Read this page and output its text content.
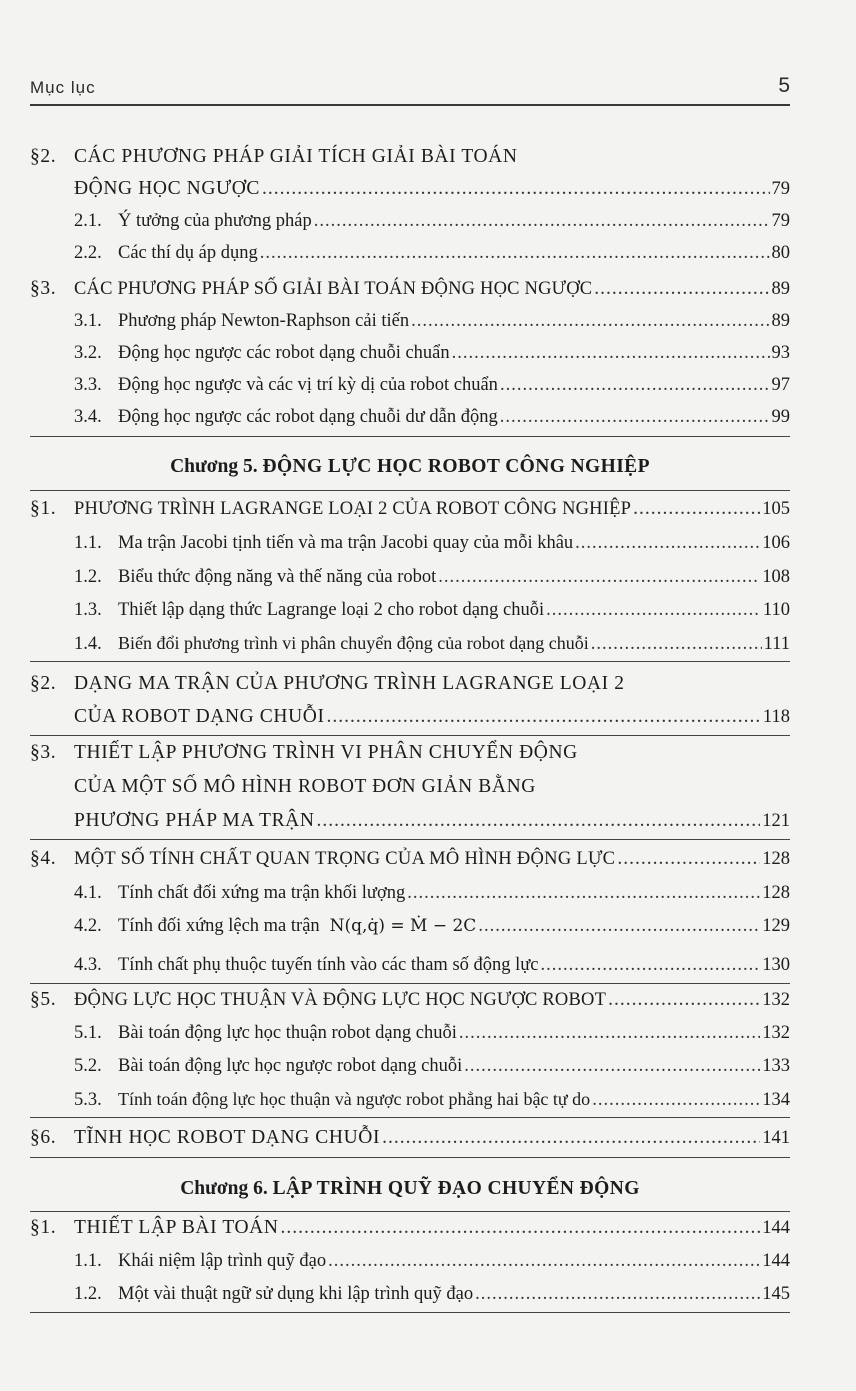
Mục lục	5
§2. CÁC PHƯƠNG PHÁP GIẢI TÍCH GIẢI BÀI TOÁN
ĐỘNG HỌC NGƯỢC .....	79
2.1. Ý tưởng của phương pháp .....	79
2.2. Các thí dụ áp dụng .....	80
§3. CÁC PHƯƠNG PHÁP SỐ GIẢI BÀI TOÁN ĐỘNG HỌC NGƯỢC .....	89
3.1. Phương pháp Newton-Raphson cải tiến .....	89
3.2. Động học ngược các robot dạng chuỗi chuẩn .....	93
3.3. Động học ngược và các vị trí kỳ dị của robot chuẩn .....	97
3.4. Động học ngược các robot dạng chuỗi dư dẫn động .....	99
Chương 5. ĐỘNG LỰC HỌC ROBOT CÔNG NGHIỆP
§1. PHƯƠNG TRÌNH LAGRANGE LOẠI 2 CỦA ROBOT CÔNG NGHIỆP .....	105
1.1. Ma trận Jacobi tịnh tiến và ma trận Jacobi quay của mỗi khâu .....	106
1.2. Biểu thức động năng và thế năng của robot .....	108
1.3. Thiết lập dạng thức Lagrange loại 2 cho robot dạng chuỗi .....	110
1.4. Biến đổi phương trình vi phân chuyển động của robot dạng chuỗi .....	111
§2. DẠNG MA TRẬN CỦA PHƯƠNG TRÌNH LAGRANGE LOẠI 2
CỦA ROBOT DẠNG CHUỖI .....	118
§3. THIẾT LẬP PHƯƠNG TRÌNH VI PHÂN CHUYỂN ĐỘNG
CỦA MỘT SỐ MÔ HÌNH ROBOT ĐƠN GIẢN BẰNG
PHƯƠNG PHÁP MA TRẬN .....	121
§4. MỘT SỐ TÍNH CHẤT QUAN TRỌNG CỦA MÔ HÌNH ĐỘNG LỰC .....	128
4.1. Tính chất đối xứng ma trận khối lượng .....	128
4.2. Tính đối xứng lệch ma trận N(q,q̇) = Ṁ − 2C .....	129
4.3. Tính chất phụ thuộc tuyến tính vào các tham số động lực .....	130
§5. ĐỘNG LỰC HỌC THUẬN VÀ ĐỘNG LỰC HỌC NGƯỢC ROBOT .....	132
5.1. Bài toán động lực học thuận robot dạng chuỗi .....	132
5.2. Bài toán động lực học ngược robot dạng chuỗi .....	133
5.3. Tính toán động lực học thuận và ngược robot phẳng hai bậc tự do .....	134
§6. TĨNH HỌC ROBOT DẠNG CHUỖI .....	141
Chương 6. LẬP TRÌNH QUỸ ĐẠO CHUYỂN ĐỘNG
§1. THIẾT LẬP BÀI TOÁN .....	144
1.1. Khái niệm lập trình quỹ đạo .....	144
1.2. Một vài thuật ngữ sử dụng khi lập trình quỹ đạo .....	145
